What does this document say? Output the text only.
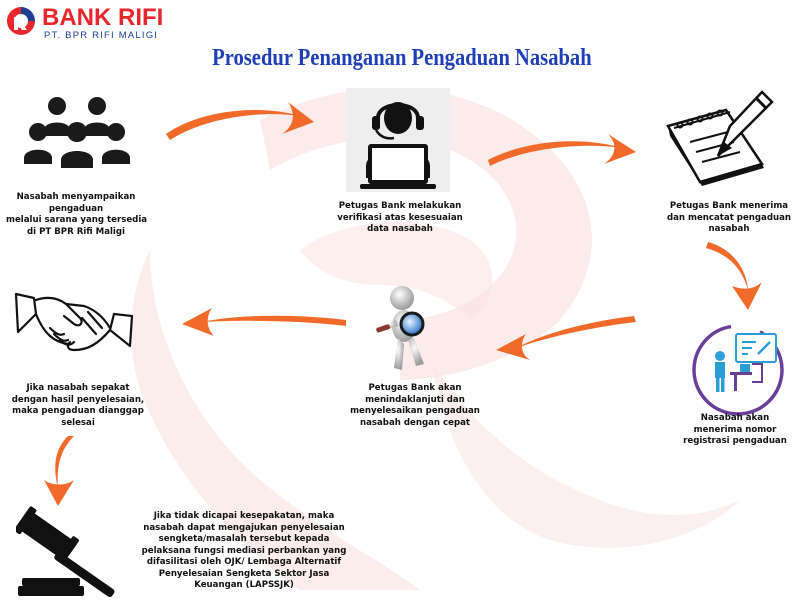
BANK RIFI
PT. BPR RIFI MALIGI
Prosedur Penanganan Pengaduan Nasabah
Nasabah menyampaikan
pengaduan
melalui sarana yang tersedia
di PT BPR Rifi Maligi
Petugas Bank melakukan
verifikasi atas kesesuaian
data nasabah
Petugas Bank menerima
dan mencatat pengaduan
nasabah
Nasabah akan
menerima nomor
registrasi pengaduan
Petugas Bank akan
menindaklanjuti dan
menyelesaikan pengaduan
nasabah dengan cepat
Jika nasabah sepakat
dengan hasil penyelesaian,
maka pengaduan dianggap
selesai
Jika tidak dicapai kesepakatan, maka
nasabah dapat mengajukan penyelesaian
sengketa/masalah tersebut kepada
pelaksana fungsi mediasi perbankan yang
difasilitasi oleh OJK/ Lembaga Alternatif
Penyelesaian Sengketa Sektor Jasa
Keuangan (LAPSSJK)
